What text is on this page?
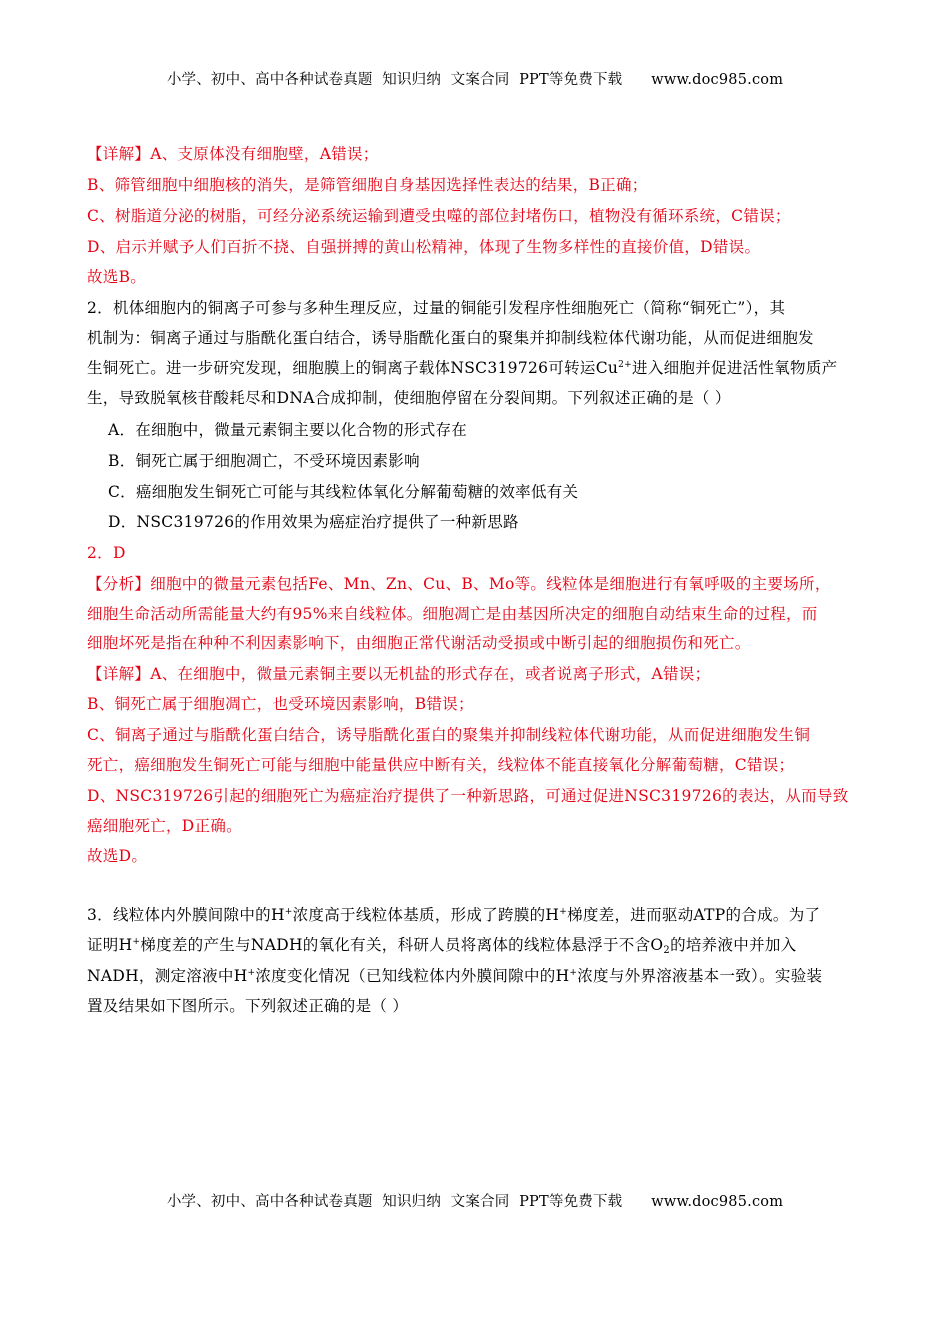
小学、初中、高中各种试卷真题  知识归纳  文案合同  PPT等免费下载      www.doc985.com
【详解】A、支原体没有细胞壁，A错误；
B、筛管细胞中细胞核的消失，是筛管细胞自身基因选择性表达的结果，B正确；
C、树脂道分泌的树脂，可经分泌系统运输到遭受虫噬的部位封堵伤口，植物没有循环系统，C错误；
D、启示并赋予人们百折不挠、自强拼搏的黄山松精神，体现了生物多样性的直接价值，D错误。
故选B。
2．机体细胞内的铜离子可参与多种生理反应，过量的铜能引发程序性细胞死亡（简称“铜死亡”），其
机制为：铜离子通过与脂酰化蛋白结合，诱导脂酰化蛋白的聚集并抑制线粒体代谢功能，从而促进细胞发
生铜死亡。进一步研究发现，细胞膜上的铜离子载体NSC319726可转运$Cu^{2+}$进入细胞并促进活性氧物质产
生，导致脱氧核苷酸耗尽和DNA合成抑制，使细胞停留在分裂间期。下列叙述正确的是（ ）
A．在细胞中，微量元素铜主要以化合物的形式存在
B．铜死亡属于细胞凋亡，不受环境因素影响
C．癌细胞发生铜死亡可能与其线粒体氧化分解葡萄糖的效率低有关
D．NSC319726的作用效果为癌症治疗提供了一种新思路
2．D
【分析】细胞中的微量元素包括Fe、Mn、Zn、Cu、B、Mo等。线粒体是细胞进行有氧呼吸的主要场所，
细胞生命活动所需能量大约有95%来自线粒体。细胞凋亡是由基因所决定的细胞自动结束生命的过程，而
细胞坏死是指在种种不利因素影响下，由细胞正常代谢活动受损或中断引起的细胞损伤和死亡。
【详解】A、在细胞中，微量元素铜主要以无机盐的形式存在，或者说离子形式，A错误；
B、铜死亡属于细胞凋亡，也受环境因素影响，B错误；
C、铜离子通过与脂酰化蛋白结合，诱导脂酰化蛋白的聚集并抑制线粒体代谢功能，从而促进细胞发生铜
死亡，癌细胞发生铜死亡可能与细胞中能量供应中断有关，线粒体不能直接氧化分解葡萄糖，C错误；
D、NSC319726引起的细胞死亡为癌症治疗提供了一种新思路，可通过促进NSC319726的表达，从而导致
癌细胞死亡，D正确。
故选D。
3．线粒体内外膜间隙中的H+浓度高于线粒体基质，形成了跨膜的H+梯度差，进而驱动ATP的合成。为了
证明H+梯度差的产生与NADH的氧化有关，科研人员将离体的线粒体悬浮于不含$O_2$的培养液中并加入
NADH，测定溶液中H+浓度变化情况（已知线粒体内外膜间隙中的H+浓度与外界溶液基本一致）。实验装
置及结果如下图所示。下列叙述正确的是（ ）
小学、初中、高中各种试卷真题  知识归纳  文案合同  PPT等免费下载      www.doc985.com
